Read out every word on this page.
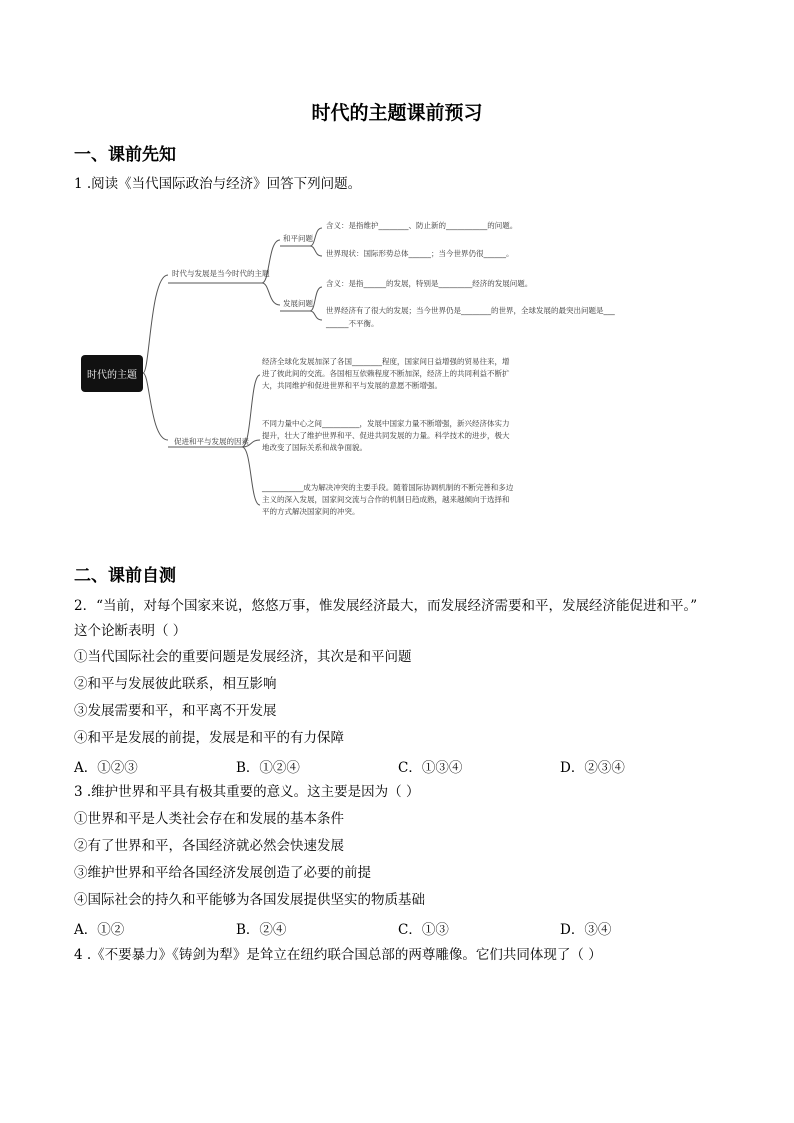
时代的主题课前预习
一、课前先知
1 .阅读《当代国际政治与经济》回答下列问题。
时代的主题
时代与发展是当今时代的主题
和平问题
含义：是指维护________、防止新的___________的问题。
世界现状：国际形势总体______；当今世界仍很______。
发展问题
含义：是指______的发展，特别是_________经济的发展问题。
世界经济有了很大的发展；当今世界仍是________的世界，全球发展的最突出问题是___
______不平衡。
促进和平与发展的因素
经济全球化发展加深了各国________程度，国家间日益增强的贸易往来，增进了彼此间的交流。各国相互依赖程度不断加深，经济上的共同利益不断扩大，共同维护和促进世界和平与发展的意愿不断增强。
不同力量中心之间__________，发展中国家力量不断增强，新兴经济体实力提升，壮大了维护世界和平、促进共同发展的力量。科学技术的进步，极大地改变了国际关系和战争面貌。
___________成为解决冲突的主要手段。随着国际协调机制的不断完善和多边主义的深入发展，国家间交流与合作的机制日趋成熟，越来越倾向于选择和平的方式解决国家间的冲突。
二、课前自测
2．“当前，对每个国家来说，悠悠万事，惟发展经济最大，而发展经济需要和平，发展经济能促进和平。”
这个论断表明（ ）
①当代国际社会的重要问题是发展经济，其次是和平问题
②和平与发展彼此联系，相互影响
③发展需要和平，和平离不开发展
④和平是发展的前提，发展是和平的有力保障
A．①②③	B．①②④	C．①③④	D．②③④
3 .维护世界和平具有极其重要的意义。这主要是因为（ ）
①世界和平是人类社会存在和发展的基本条件
②有了世界和平，各国经济就必然会快速发展
③维护世界和平给各国经济发展创造了必要的前提
④国际社会的持久和平能够为各国发展提供坚实的物质基础
A．①②	B．②④	C．①③	D．③④
4 .《不要暴力》《铸剑为犁》是耸立在纽约联合国总部的两尊雕像。它们共同体现了（ ）
